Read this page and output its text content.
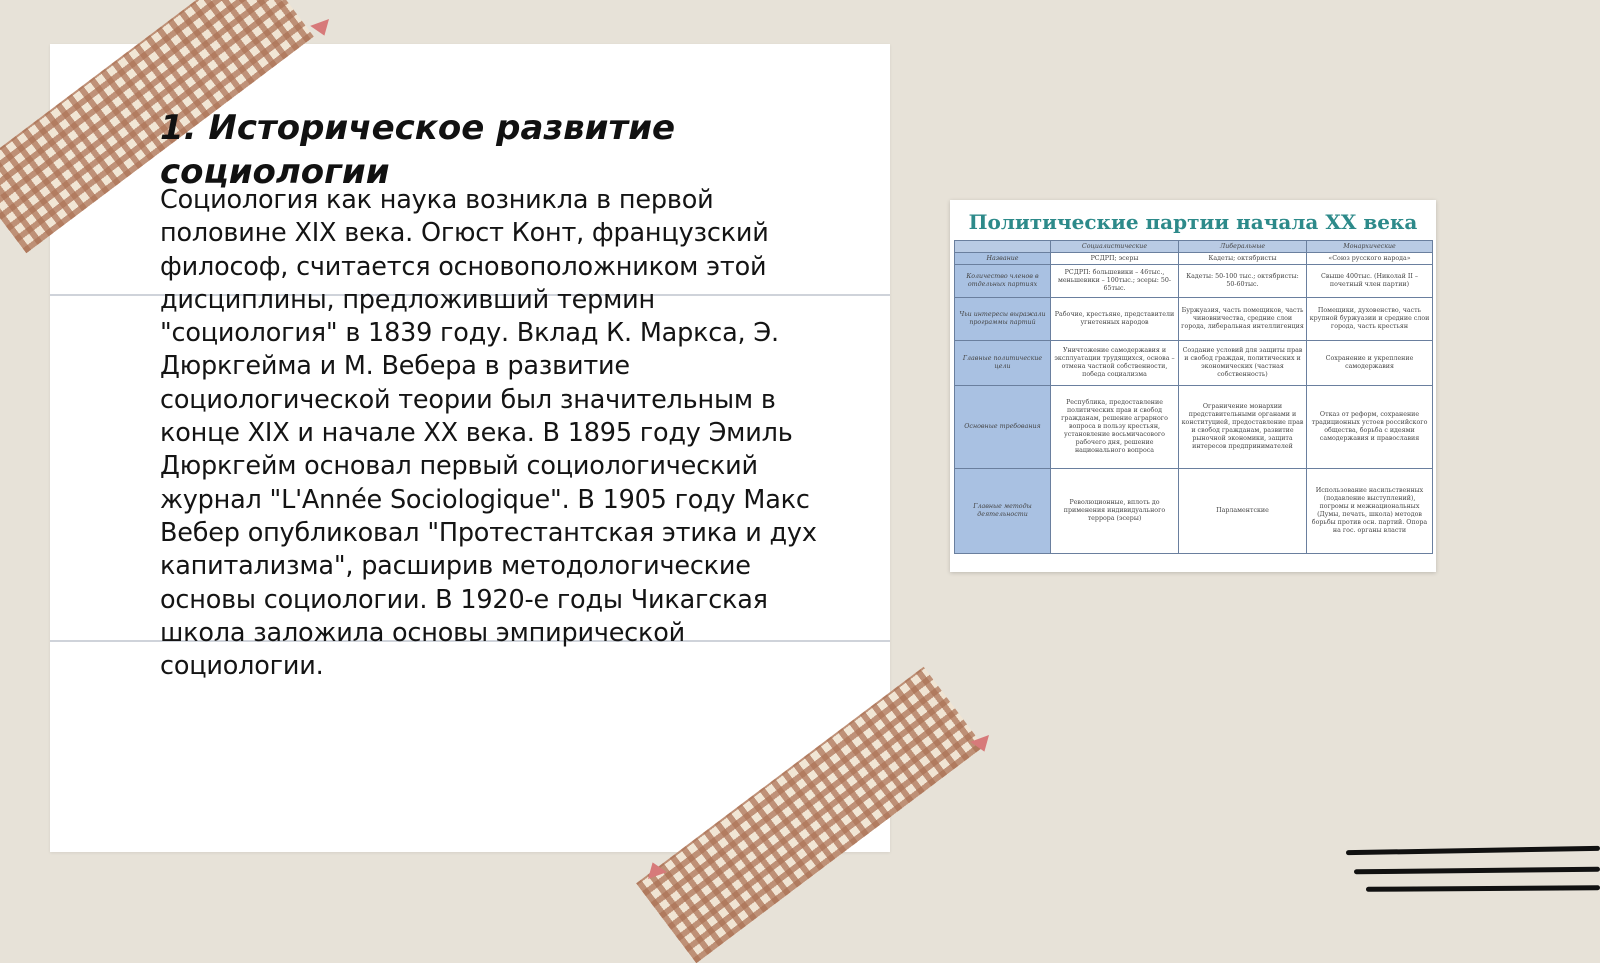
1. Историческое развитие социологии

Социология как наука возникла в первой половине XIX века. Огюст Конт, французский философ, считается основоположником этой дисциплины, предложивший термин "социология" в 1839 году. Вклад К. Маркса, Э. Дюркгейма и М. Вебера в развитие социологической теории был значительным в конце XIX и начале XX века. В 1895 году Эмиль Дюркгейм основал первый социологический журнал "L'Année Sociologique". В 1905 году Макс Вебер опубликовал "Протестантская этика и дух капитализма", расширив методологические основы социологии. В 1920-е годы Чикагская школа заложила основы эмпирической социологии.

Политические партии начала XX века
	Социалистические	Либеральные	Монархические
Название	РСДРП; эсеры	Кадеты; октябристы	«Союз русского народа»
Количество членов в отдельных партиях	РСДРП: большевики – 46тыс., меньшевики – 100тыс.; эсеры: 50-65тыс.	Кадеты: 50-100 тыс.; октябристы: 50-60тыс.	Свыше 400тыс. (Николай II – почетный член партии)
Чьи интересы выражали программы партий	Рабочие, крестьяне, представители угнетенных народов	Буржуазия, часть помещиков, часть чиновничества, средние слои города, либеральная интеллигенция	Помещики, духовенство, часть крупной буржуазии и средние слои города, часть крестьян
Главные политические цели	Уничтожение самодержавия и эксплуатации трудящихся, основа – отмена частной собственности, победа социализма	Создание условий для защиты прав и свобод граждан, политических и экономических (частная собственность)	Сохранение и укрепление самодержавия
Основные требования	Республика, предоставление политических прав и свобод гражданам, решение аграрного вопроса в пользу крестьян, установление восьмичасового рабочего дня, решение национального вопроса	Ограничение монархии представительными органами и конституцией, предоставление прав и свобод гражданам, развитие рыночной экономики, защита интересов предпринимателей	Отказ от реформ, сохранение традиционных устоев российского общества, борьба с идеями самодержавия и православия
Главные методы деятельности	Революционные, вплоть до применения индивидуального террора (эсеры)	Парламентские	Использование насильственных (подавление выступлений), погромы и межнациональных (Думы, печать, школа) методов борьбы против осн. партий. Опора на гос. органы власти
